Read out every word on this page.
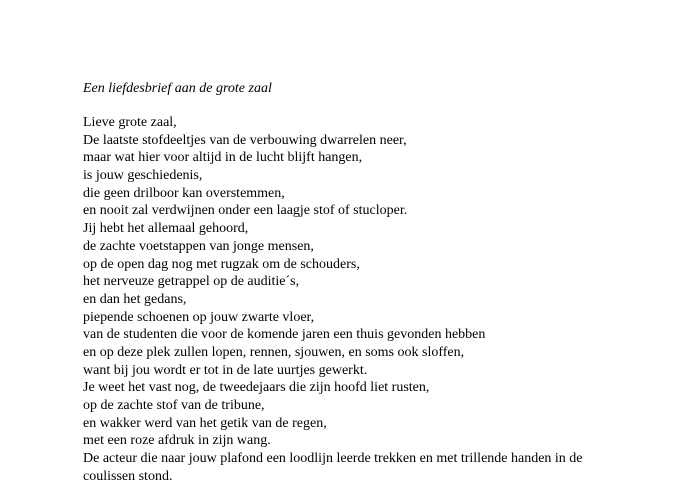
Een liefdesbrief aan de grote zaal
Lieve grote zaal,
De laatste stofdeeltjes van de verbouwing dwarrelen neer,
maar wat hier voor altijd in de lucht blijft hangen,
is jouw geschiedenis,
die geen drilboor kan overstemmen,
en nooit zal verdwijnen onder een laagje stof of stucloper.
Jij hebt het allemaal gehoord,
de zachte voetstappen van jonge mensen,
op de open dag nog met rugzak om de schouders,
het nerveuze getrappel op de auditie´s,
en dan het gedans,
piepende schoenen op jouw zwarte vloer,
van de studenten die voor de komende jaren een thuis gevonden hebben
en op deze plek zullen lopen, rennen, sjouwen, en soms ook sloffen,
want bij jou wordt er tot in de late uurtjes gewerkt.
Je weet het vast nog, de tweedejaars die zijn hoofd liet rusten,
op de zachte stof van de tribune,
en wakker werd van het getik van de regen,
met een roze afdruk in zijn wang.
De acteur die naar jouw plafond een loodlijn leerde trekken en met trillende handen in de
coulissen stond.
